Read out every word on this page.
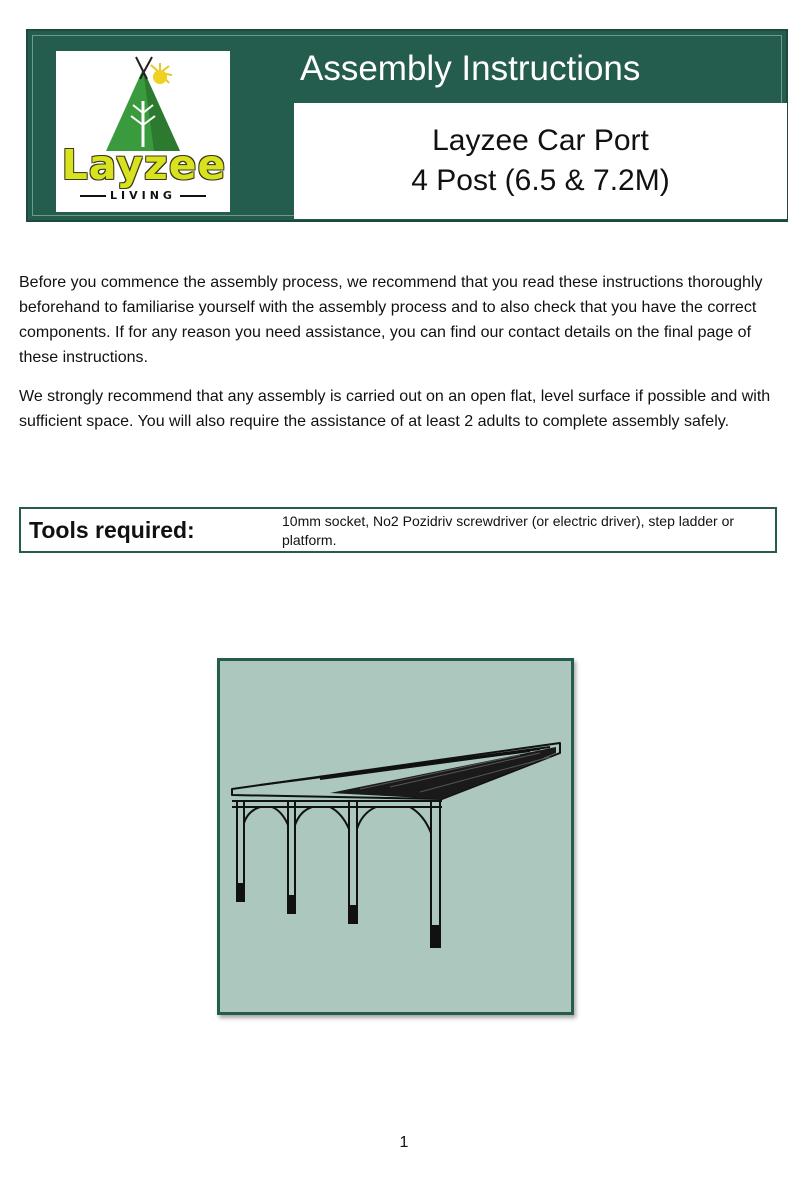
Layzee
LIVING
Assembly Instructions
Layzee Car Port
4 Post (6.5 & 7.2M)

Before you commence the assembly process, we recommend that you read these instructions thoroughly beforehand to familiarise yourself with the assembly process and to also check that you have the correct components. If for any reason you need assistance, you can find our contact details on the final page of these instructions.

We strongly recommend that any assembly is carried out on an open flat, level surface if possible and with sufficient space. You will also require the assistance of at least 2 adults to complete assembly safely.

Tools required:	10mm socket, No2 Pozidriv screwdriver (or electric driver), step ladder or platform.
1
